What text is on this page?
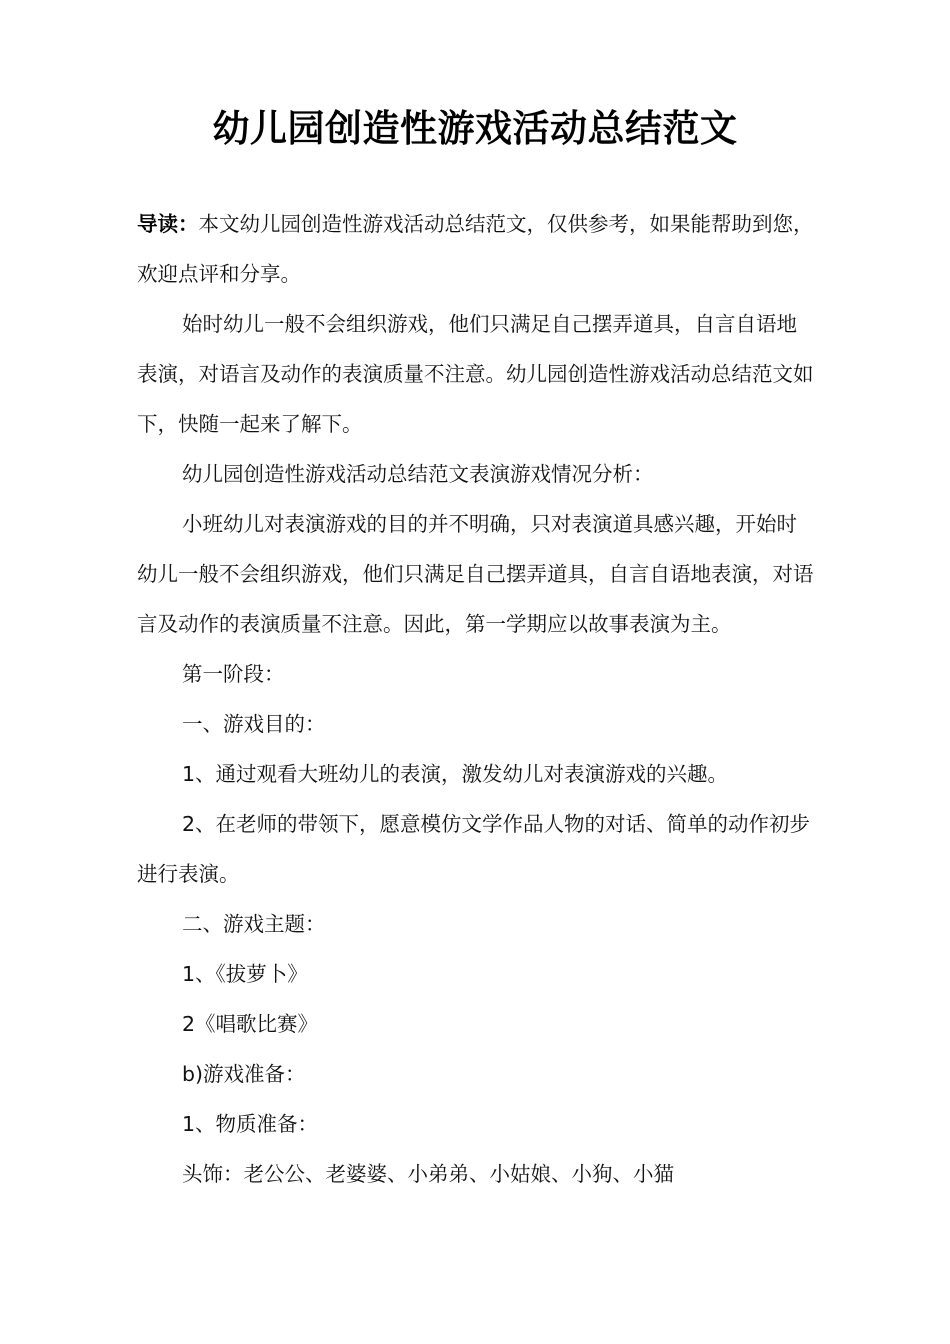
幼儿园创造性游戏活动总结范文

导读：本文幼儿园创造性游戏活动总结范文，仅供参考，如果能帮助到您，欢迎点评和分享。

始时幼儿一般不会组织游戏，他们只满足自己摆弄道具，自言自语地表演，对语言及动作的表演质量不注意。幼儿园创造性游戏活动总结范文如下，快随一起来了解下。

幼儿园创造性游戏活动总结范文表演游戏情况分析：

小班幼儿对表演游戏的目的并不明确，只对表演道具感兴趣，开始时幼儿一般不会组织游戏，他们只满足自己摆弄道具，自言自语地表演，对语言及动作的表演质量不注意。因此，第一学期应以故事表演为主。

第一阶段：

一、游戏目的：

1、通过观看大班幼儿的表演，激发幼儿对表演游戏的兴趣。

2、在老师的带领下，愿意模仿文学作品人物的对话、简单的动作初步进行表演。

二、游戏主题：

1、《拔萝卜》

2《唱歌比赛》

b)游戏准备：

1、物质准备：

头饰：老公公、老婆婆、小弟弟、小姑娘、小狗、小猫
